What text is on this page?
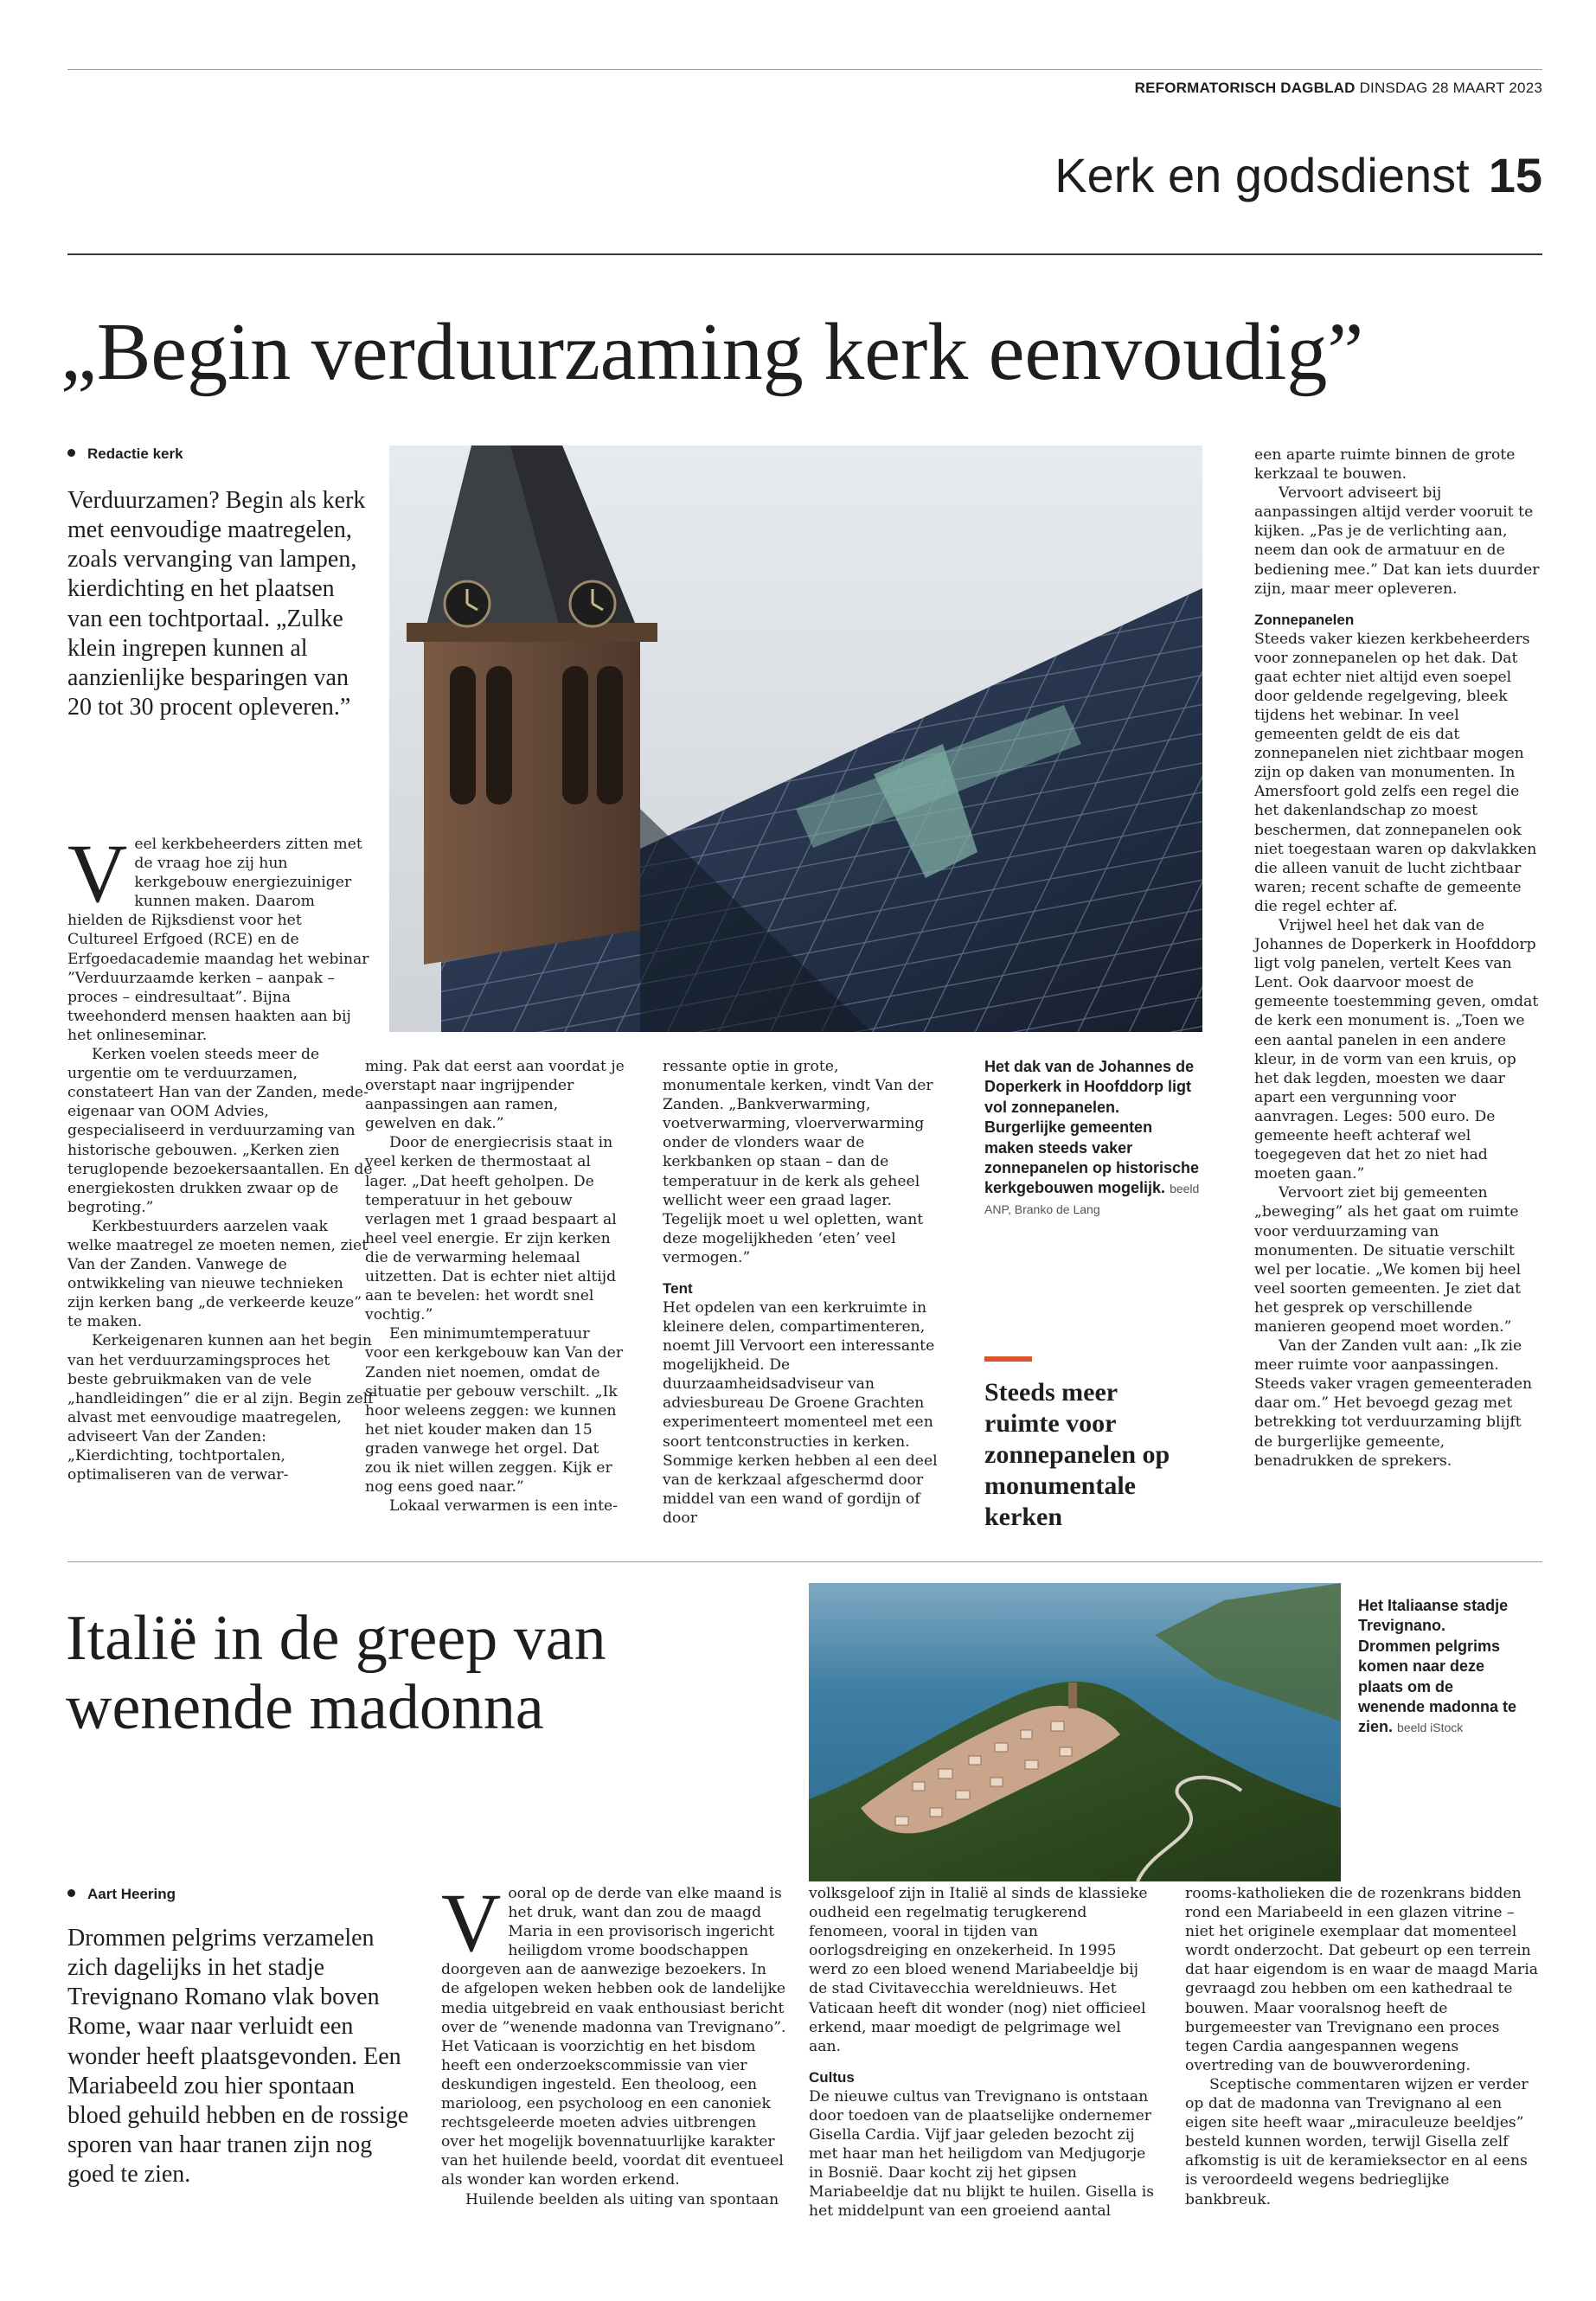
REFORMATORISCH DAGBLAD DINSDAG 28 MAART 2023
Kerk en godsdienst 15
„Begin verduurzaming kerk eenvoudig”
Redactie kerk
Verduurzamen? Begin als kerk met eenvoudige maatregelen, zoals vervanging van lampen, kierdichting en het plaatsen van een tochtportaal. „Zulke klein ingrepen kunnen al aanzienlijke besparingen van 20 tot 30 procent opleveren.”
V eel kerkbeheerders zitten met de vraag hoe zij hun kerkgebouw energiezuiniger kunnen maken. Daarom hielden de Rijksdienst voor het Cultureel Erfgoed (RCE) en de Erfgoedacademie maandag het webinar ”Verduurzaamde kerken – aanpak – proces – eindresultaat”. Bijna tweehonderd mensen haakten aan bij het onlineseminar.

Kerken voelen steeds meer de urgentie om te verduurzamen, constateert Han van der Zanden, mede-eigenaar van OOM Advies, gespecialiseerd in verduurzaming van historische gebouwen. „Kerken zien teruglopende bezoekersaantallen. En de energiekosten drukken zwaar op de begroting.”

Kerkbestuurders aarzelen vaak welke maatregel ze moeten nemen, ziet Van der Zanden. Vanwege de ontwikkeling van nieuwe technieken zijn kerken bang „de verkeerde keuze” te maken.

Kerkeigenaren kunnen aan het begin van het verduurzamingsproces het beste gebruikmaken van de vele „handleidingen” die er al zijn. Begin zelf alvast met eenvoudige maatregelen, adviseert Van der Zanden: „Kierdichting, tochtportalen, optimaliseren van de verwar-

ming. Pak dat eerst aan voordat je overstapt naar ingrijpender aanpassingen aan ramen, gewelven en dak.”

Door de energiecrisis staat in veel kerken de thermostaat al lager. „Dat heeft geholpen. De temperatuur in het gebouw verlagen met 1 graad bespaart al heel veel energie. Er zijn kerken die de verwarming helemaal uitzetten. Dat is echter niet altijd aan te bevelen: het wordt snel vochtig.”

Een minimumtemperatuur voor een kerkgebouw kan Van der Zanden niet noemen, omdat de situatie per gebouw verschilt. „Ik hoor weleens zeggen: we kunnen het niet kouder maken dan 15 graden vanwege het orgel. Dat zou ik niet willen zeggen. Kijk er nog eens goed naar.”

Lokaal verwarmen is een inte-

ressante optie in grote, monumentale kerken, vindt Van der Zanden. „Bankverwarming, voetverwarming, vloerverwarming onder de vlonders waar de kerkbanken op staan – dan de temperatuur in de kerk als geheel wellicht weer een graad lager. Tegelijk moet u wel opletten, want deze mogelijkheden ‘eten’ veel vermogen.”

Tent

Het opdelen van een kerkruimte in kleinere delen, compartimenteren, noemt Jill Vervoort een interessante mogelijkheid. De duurzaamheidsadviseur van adviesbureau De Groene Grachten experimenteert momenteel met een soort tentconstructies in kerken. Sommige kerken hebben al een deel van de kerkzaal afgeschermd door middel van een wand of gordijn of door

Het dak van de Johannes de Doperkerk in Hoofddorp ligt vol zonnepanelen. Burgerlijke gemeenten maken steeds vaker zonnepanelen op historische kerkgebouwen mogelijk. beeld ANP, Branko de Lang
Steeds meer ruimte voor zonnepanelen op monumentale kerken

een aparte ruimte binnen de grote kerkzaal te bouwen.

Vervoort adviseert bij aanpassingen altijd verder vooruit te kijken. „Pas je de verlichting aan, neem dan ook de armatuur en de bediening mee.” Dat kan iets duurder zijn, maar meer opleveren.

Zonnepanelen

Steeds vaker kiezen kerkbeheerders voor zonnepanelen op het dak. Dat gaat echter niet altijd even soepel door geldende regelgeving, bleek tijdens het webinar. In veel gemeenten geldt de eis dat zonnepanelen niet zichtbaar mogen zijn op daken van monumenten. In Amersfoort gold zelfs een regel die het dakenlandschap zo moest beschermen, dat zonnepanelen ook niet toegestaan waren op dakvlakken die alleen vanuit de lucht zichtbaar waren; recent schafte de gemeente die regel echter af.

Vrijwel heel het dak van de Johannes de Doperkerk in Hoofddorp ligt volg panelen, vertelt Kees van Lent. Ook daarvoor moest de gemeente toestemming geven, omdat de kerk een monument is. „Toen we een aantal panelen in een andere kleur, in de vorm van een kruis, op het dak legden, moesten we daar apart een vergunning voor aanvragen. Leges: 500 euro. De gemeente heeft achteraf wel toegegeven dat het zo niet had moeten gaan.”

Vervoort ziet bij gemeenten „beweging” als het gaat om ruimte voor verduurzaming van monumenten. De situatie verschilt wel per locatie. „We komen bij heel veel soorten gemeenten. Je ziet dat het gesprek op verschillende manieren geopend moet worden.”

Van der Zanden vult aan: „Ik zie meer ruimte voor aanpassingen. Steeds vaker vragen gemeenteraden daar om.” Het bevoegd gezag met betrekking tot verduurzaming blijft de burgerlijke gemeente, benadrukken de sprekers.

Italië in de greep van wenende madonna
Het Italiaanse stadje Trevignano. Drommen pelgrims komen naar deze plaats om de wenende madonna te zien. beeld iStock
Aart Heering
Drommen pelgrims verzamelen zich dagelijks in het stadje Trevignano Romano vlak boven Rome, waar naar verluidt een wonder heeft plaatsgevonden. Een Mariabeeld zou hier spontaan bloed gehuild hebben en de rossige sporen van haar tranen zijn nog goed te zien.
V ooral op de derde van elke maand is het druk, want dan zou de maagd Maria in een provisorisch ingericht heiligdom vrome boodschappen doorgeven aan de aanwezige bezoekers. In de afgelopen weken hebben ook de landelijke media uitgebreid en vaak enthousiast bericht over de ”wenende madonna van Trevignano”. Het Vaticaan is voorzichtig en het bisdom heeft een onderzoekscommissie van vier deskundigen ingesteld. Een theoloog, een marioloog, een psycholoog en een canoniek rechtsgeleerde moeten advies uitbrengen over het mogelijk bovennatuurlijke karakter van het huilende beeld, voordat dit eventueel als wonder kan worden erkend.

Huilende beelden als uiting van spontaan

volksgeloof zijn in Italië al sinds de klassieke oudheid een regelmatig terugkerend fenomeen, vooral in tijden van oorlogsdreiging en onzekerheid. In 1995 werd zo een bloed wenend Mariabeeldje bij de stad Civitavecchia wereldnieuws. Het Vaticaan heeft dit wonder (nog) niet officieel erkend, maar moedigt de pelgrimage wel aan.

Cultus

De nieuwe cultus van Trevignano is ontstaan door toedoen van de plaatselijke ondernemer Gisella Cardia. Vijf jaar geleden bezocht zij met haar man het heiligdom van Medjugorje in Bosnië. Daar kocht zij het gipsen Mariabeeldje dat nu blijkt te huilen. Gisella is het middelpunt van een groeiend aantal

rooms-katholieken die de rozenkrans bidden rond een Mariabeeld in een glazen vitrine – niet het originele exemplaar dat momenteel wordt onderzocht. Dat gebeurt op een terrein dat haar eigendom is en waar de maagd Maria gevraagd zou hebben om een kathedraal te bouwen. Maar vooralsnog heeft de burgemeester van Trevignano een proces tegen Cardia aangespannen wegens overtreding van de bouwverordening.

Sceptische commentaren wijzen er verder op dat de madonna van Trevignano al een eigen site heeft waar „miraculeuze beeldjes” besteld kunnen worden, terwijl Gisella zelf afkomstig is uit de keramieksector en al eens is veroordeeld wegens bedrieglijke bankbreuk.
